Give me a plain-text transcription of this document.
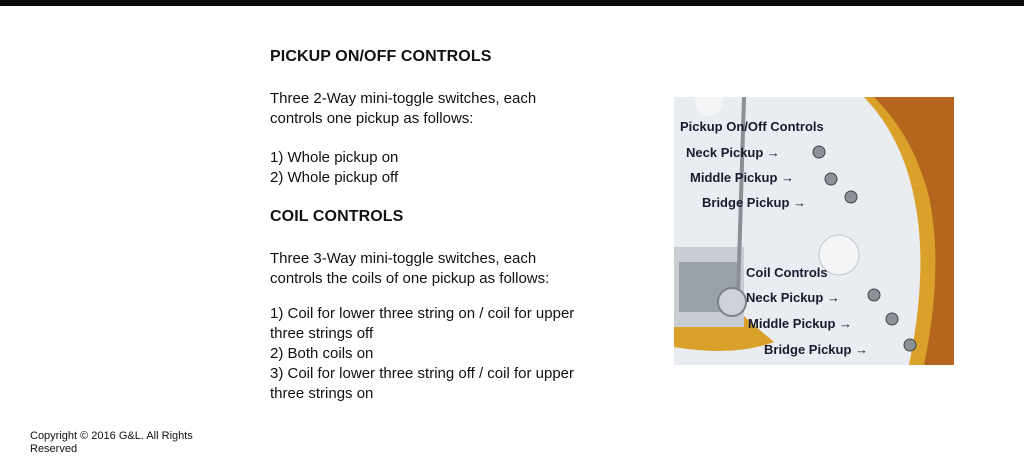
PICKUP ON/OFF CONTROLS

Three 2-Way mini-toggle switches, each
controls one pickup as follows:

1) Whole pickup on
2) Whole pickup off
COIL CONTROLS

Three 3-Way mini-toggle switches, each
controls the coils of one pickup as follows:

1) Coil for lower three string on / coil for upper
three strings off
2) Both coils on
3) Coil for lower three string off / coil for upper
three strings on
Pickup On/Off Controls
Neck Pickup →
Middle Pickup →
Bridge Pickup →
Coil Controls
Neck Pickup →
Middle Pickup →
Bridge Pickup →
Copyright © 2016 G&L. All Rights
Reserved
